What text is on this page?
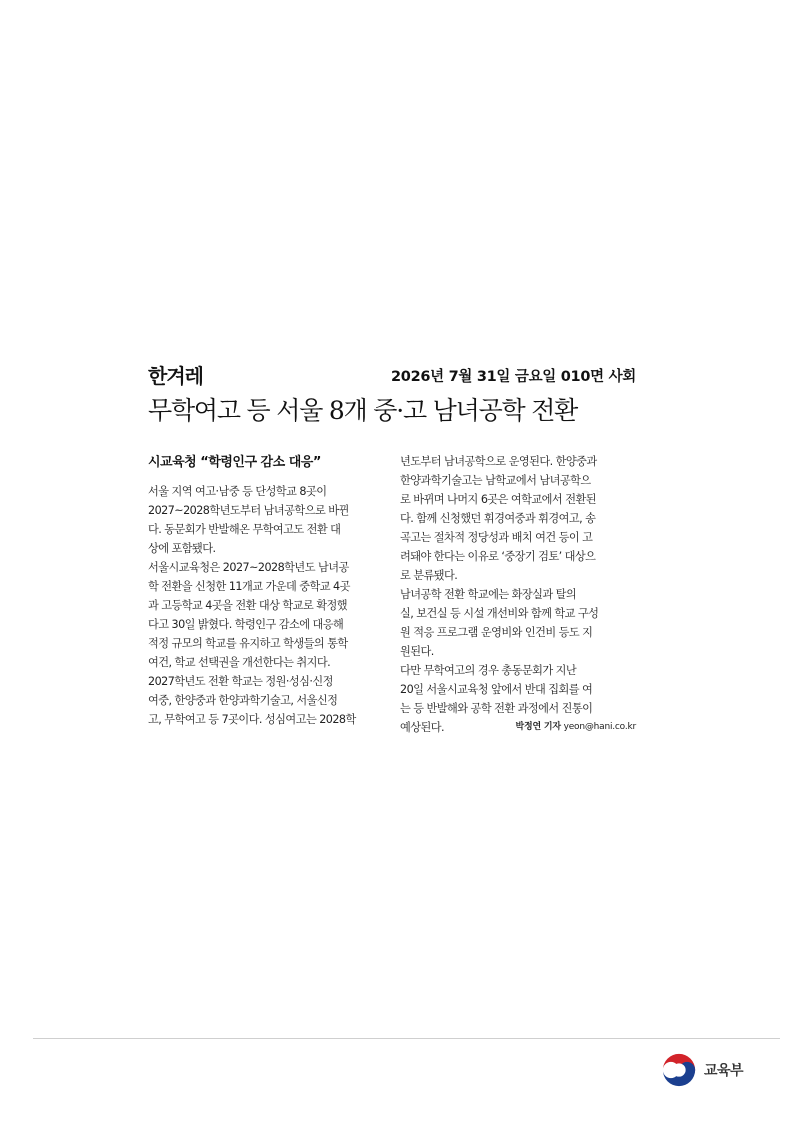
한겨레	2026년 7월 31일 금요일 010면 사회
무학여고 등 서울 8개 중·고 남녀공학 전환
시교육청 “학령인구 감소 대응”
서울 지역 여고·남중 등 단성학교 8곳이
2027~2028학년도부터 남녀공학으로 바뀐
다. 동문회가 반발해온 무학여고도 전환 대
상에 포함됐다.
서울시교육청은 2027~2028학년도 남녀공
학 전환을 신청한 11개교 가운데 중학교 4곳
과 고등학교 4곳을 전환 대상 학교로 확정했
다고 30일 밝혔다. 학령인구 감소에 대응해
적정 규모의 학교를 유지하고 학생들의 통학
여건, 학교 선택권을 개선한다는 취지다.
2027학년도 전환 학교는 정원·성심·신정
여중, 한양중과 한양과학기술고, 서울신정
고, 무학여고 등 7곳이다. 성심여고는 2028학
년도부터 남녀공학으로 운영된다. 한양중과
한양과학기술고는 남학교에서 남녀공학으
로 바뀌며 나머지 6곳은 여학교에서 전환된
다. 함께 신청했던 휘경여중과 휘경여고, 송
곡고는 절차적 정당성과 배치 여건 등이 고
려돼야 한다는 이유로 ‘중장기 검토’ 대상으
로 분류됐다.
남녀공학 전환 학교에는 화장실과 탈의
실, 보건실 등 시설 개선비와 함께 학교 구성
원 적응 프로그램 운영비와 인건비 등도 지
원된다.
다만 무학여고의 경우 총동문회가 지난
20일 서울시교육청 앞에서 반대 집회를 여
는 등 반발해와 공학 전환 과정에서 진통이
예상된다.	박정연 기자 yeon@hani.co.kr
교육부
